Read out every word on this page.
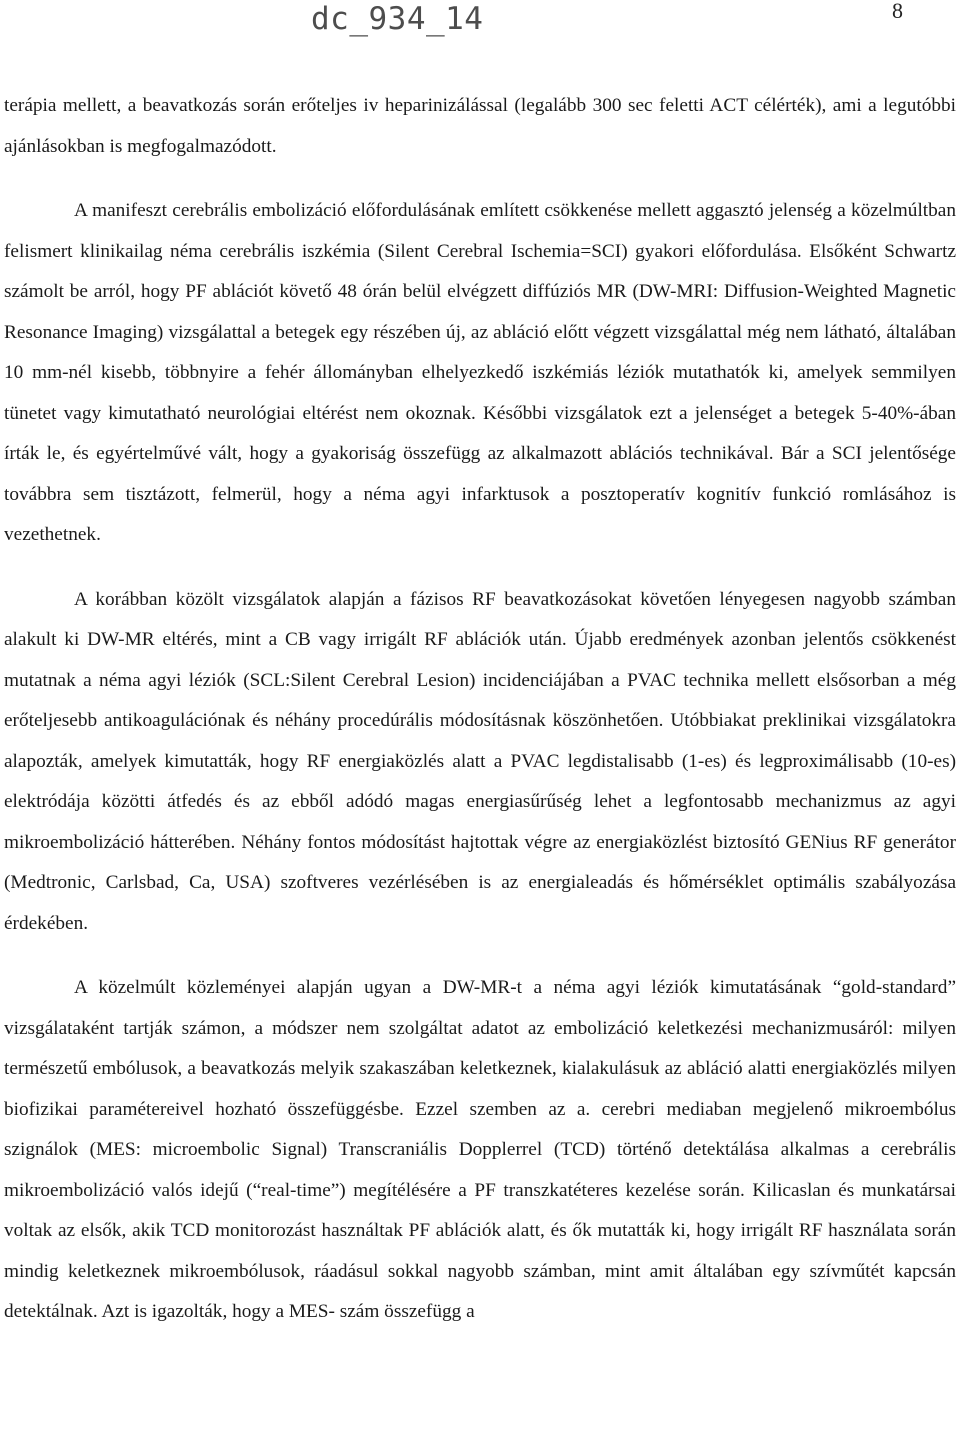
dc_934_14	8

terápia mellett, a beavatkozás során erőteljes iv heparinizálással (legalább 300 sec feletti ACT célérték), ami a legutóbbi ajánlásokban is megfogalmazódott.

A manifeszt cerebrális embolizáció előfordulásának említett csökkenése mellett aggasztó jelenség a közelmúltban felismert klinikailag néma cerebrális iszkémia (Silent Cerebral Ischemia=SCI) gyakori előfordulása. Elsőként Schwartz számolt be arról, hogy PF ablációt követő 48 órán belül elvégzett diffúziós MR (DW-MRI: Diffusion-Weighted Magnetic Resonance Imaging) vizsgálattal a betegek egy részében új, az abláció előtt végzett vizsgálattal még nem látható, általában 10 mm-nél kisebb, többnyire a fehér állományban elhelyezkedő iszkémiás léziók mutathatók ki, amelyek semmilyen tünetet vagy kimutatható neurológiai eltérést nem okoznak. Későbbi vizsgálatok ezt a jelenséget a betegek 5-40%-ában írták le, és egyértelművé vált, hogy a gyakoriság összefügg az alkalmazott ablációs technikával. Bár a SCI jelentősége továbbra sem tisztázott, felmerül, hogy a néma agyi infarktusok a posztoperatív kognitív funkció romlásához is vezethetnek.

A korábban közölt vizsgálatok alapján a fázisos RF beavatkozásokat követően lényegesen nagyobb számban alakult ki DW-MR eltérés, mint a CB vagy irrigált RF ablációk után. Újabb eredmények azonban jelentős csökkenést mutatnak a néma agyi léziók (SCL:Silent Cerebral Lesion) incidenciájában a PVAC technika mellett elsősorban a még erőteljesebb antikoagulációnak és néhány procedúrális módosításnak köszönhetően. Utóbbiakat preklinikai vizsgálatokra alapozták, amelyek kimutatták, hogy RF energiaközlés alatt a PVAC legdistalisabb (1-es) és legproximálisabb (10-es) elektródája közötti átfedés és az ebből adódó magas energiasűrűség lehet a legfontosabb mechanizmus az agyi mikroembolizáció hátterében. Néhány fontos módosítást hajtottak végre az energiaközlést biztosító GENius RF generátor (Medtronic, Carlsbad, Ca, USA) szoftveres vezérlésében is az energialeadás és hőmérséklet optimális szabályozása érdekében.

A közelmúlt közleményei alapján ugyan a DW-MR-t a néma agyi léziók kimutatásának “gold-standard” vizsgálataként tartják számon, a módszer nem szolgáltat adatot az embolizáció keletkezési mechanizmusáról: milyen természetű embólusok, a beavatkozás melyik szakaszában keletkeznek, kialakulásuk az abláció alatti energiaközlés milyen biofizikai paramétereivel hozható összefüggésbe. Ezzel szemben az a. cerebri mediaban megjelenő mikroembólus szignálok (MES: microembolic Signal) Transcraniális Dopplerrel (TCD) történő detektálása alkalmas a cerebrális mikroembolizáció valós idejű (“real-time”) megítélésére a PF transzkatéteres kezelése során. Kilicaslan és munkatársai voltak az elsők, akik TCD monitorozást használtak PF ablációk alatt, és ők mutatták ki, hogy irrigált RF használata során mindig keletkeznek mikroembólusok, ráadásul sokkal nagyobb számban, mint amit általában egy szívműtét kapcsán detektálnak. Azt is igazolták, hogy a MES- szám összefügg a
